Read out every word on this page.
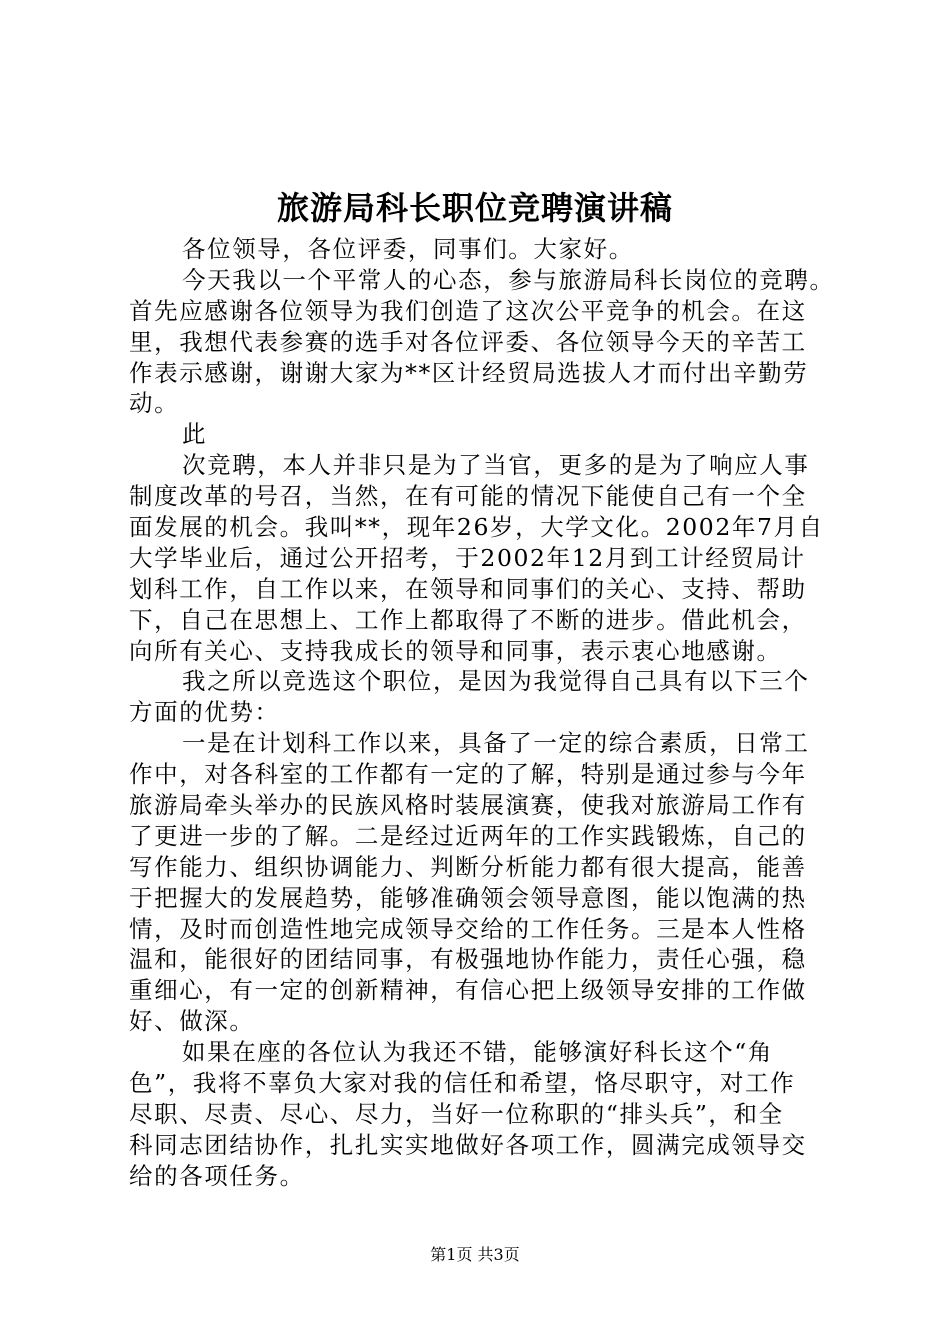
旅游局科长职位竞聘演讲稿
各位领导，各位评委，同事们。大家好。
今天我以一个平常人的心态，参与旅游局科长岗位的竞聘。
首先应感谢各位领导为我们创造了这次公平竞争的机会。在这
里，我想代表参赛的选手对各位评委、各位领导今天的辛苦工
作表示感谢，谢谢大家为**区计经贸局选拔人才而付出辛勤劳
动。
此
次竞聘，本人并非只是为了当官，更多的是为了响应人事
制度改革的号召，当然，在有可能的情况下能使自己有一个全
面发展的机会。我叫**，现年26岁，大学文化。2002年7月自
大学毕业后，通过公开招考，于2002年12月到工计经贸局计
划科工作，自工作以来，在领导和同事们的关心、支持、帮助
下，自己在思想上、工作上都取得了不断的进步。借此机会，
向所有关心、支持我成长的领导和同事，表示衷心地感谢。
我之所以竞选这个职位，是因为我觉得自己具有以下三个
方面的优势：
一是在计划科工作以来，具备了一定的综合素质，日常工
作中，对各科室的工作都有一定的了解，特别是通过参与今年
旅游局牵头举办的民族风格时装展演赛，使我对旅游局工作有
了更进一步的了解。二是经过近两年的工作实践锻炼，自己的
写作能力、组织协调能力、判断分析能力都有很大提高，能善
于把握大的发展趋势，能够准确领会领导意图，能以饱满的热
情，及时而创造性地完成领导交给的工作任务。三是本人性格
温和，能很好的团结同事，有极强地协作能力，责任心强，稳
重细心，有一定的创新精神，有信心把上级领导安排的工作做
好、做深。
如果在座的各位认为我还不错，能够演好科长这个“角
色”，我将不辜负大家对我的信任和希望，恪尽职守，对工作
尽职、尽责、尽心、尽力，当好一位称职的“排头兵”，和全
科同志团结协作，扎扎实实地做好各项工作，圆满完成领导交
给的各项任务。
第1页 共3页
